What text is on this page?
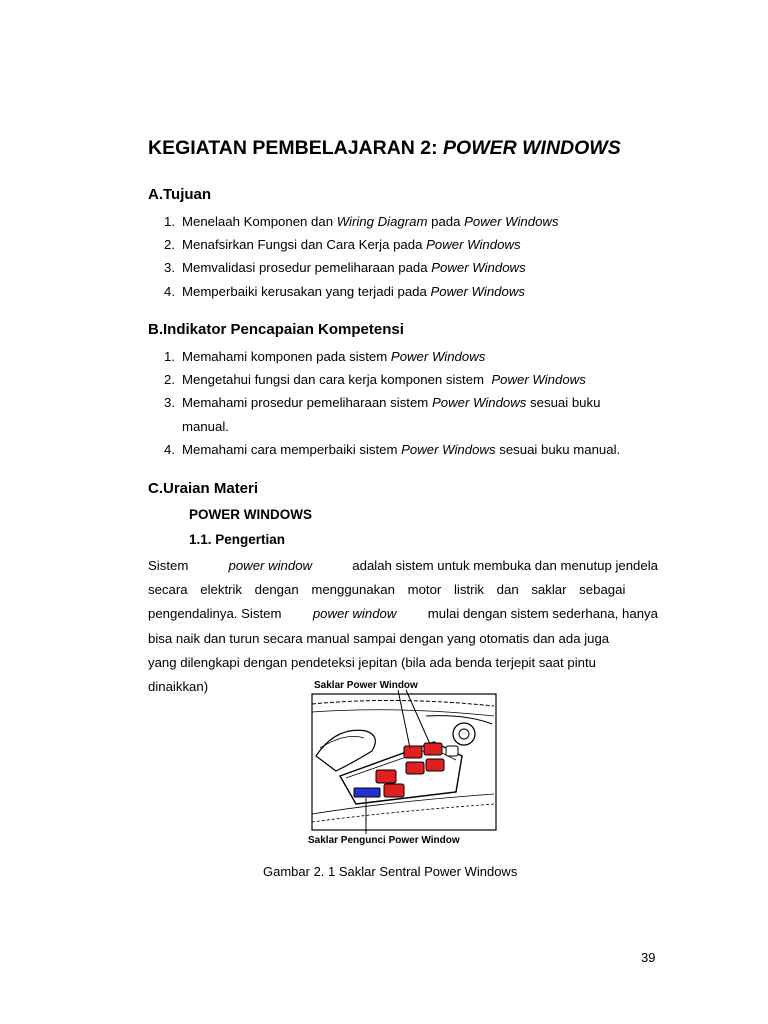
KEGIATAN PEMBELAJARAN 2: POWER WINDOWS
A.Tujuan
1. Menelaah Komponen dan Wiring Diagram pada Power Windows
2. Menafsirkan Fungsi dan Cara Kerja pada Power Windows
3. Memvalidasi prosedur pemeliharaan pada Power Windows
4. Memperbaiki kerusakan yang terjadi pada Power Windows
B.Indikator Pencapaian Kompetensi
1. Memahami komponen pada sistem Power Windows
2. Mengetahui fungsi dan cara kerja komponen sistem  Power Windows
3. Memahami prosedur pemeliharaan sistem Power Windows sesuai buku
manual.
4. Memahami cara memperbaiki sistem Power Windows sesuai buku manual.
C.Uraian Materi
POWER WINDOWS
1.1. Pengertian
Sistem	power window	adalah sistem untuk membuka dan menutup jendela
secara elektrik dengan menggunakan motor listrik dan saklar sebagai
pengendalinya. Sistem power window mulai dengan sistem sederhana, hanya
bisa naik dan turun secara manual sampai dengan yang otomatis dan ada juga
yang dilengkapi dengan pendeteksi jepitan (bila ada benda terjepit saat pintu
dinaikkan)	Saklar Power Window
Saklar Pengunci Power Window
Gambar 2. 1 Saklar Sentral Power Windows
39
